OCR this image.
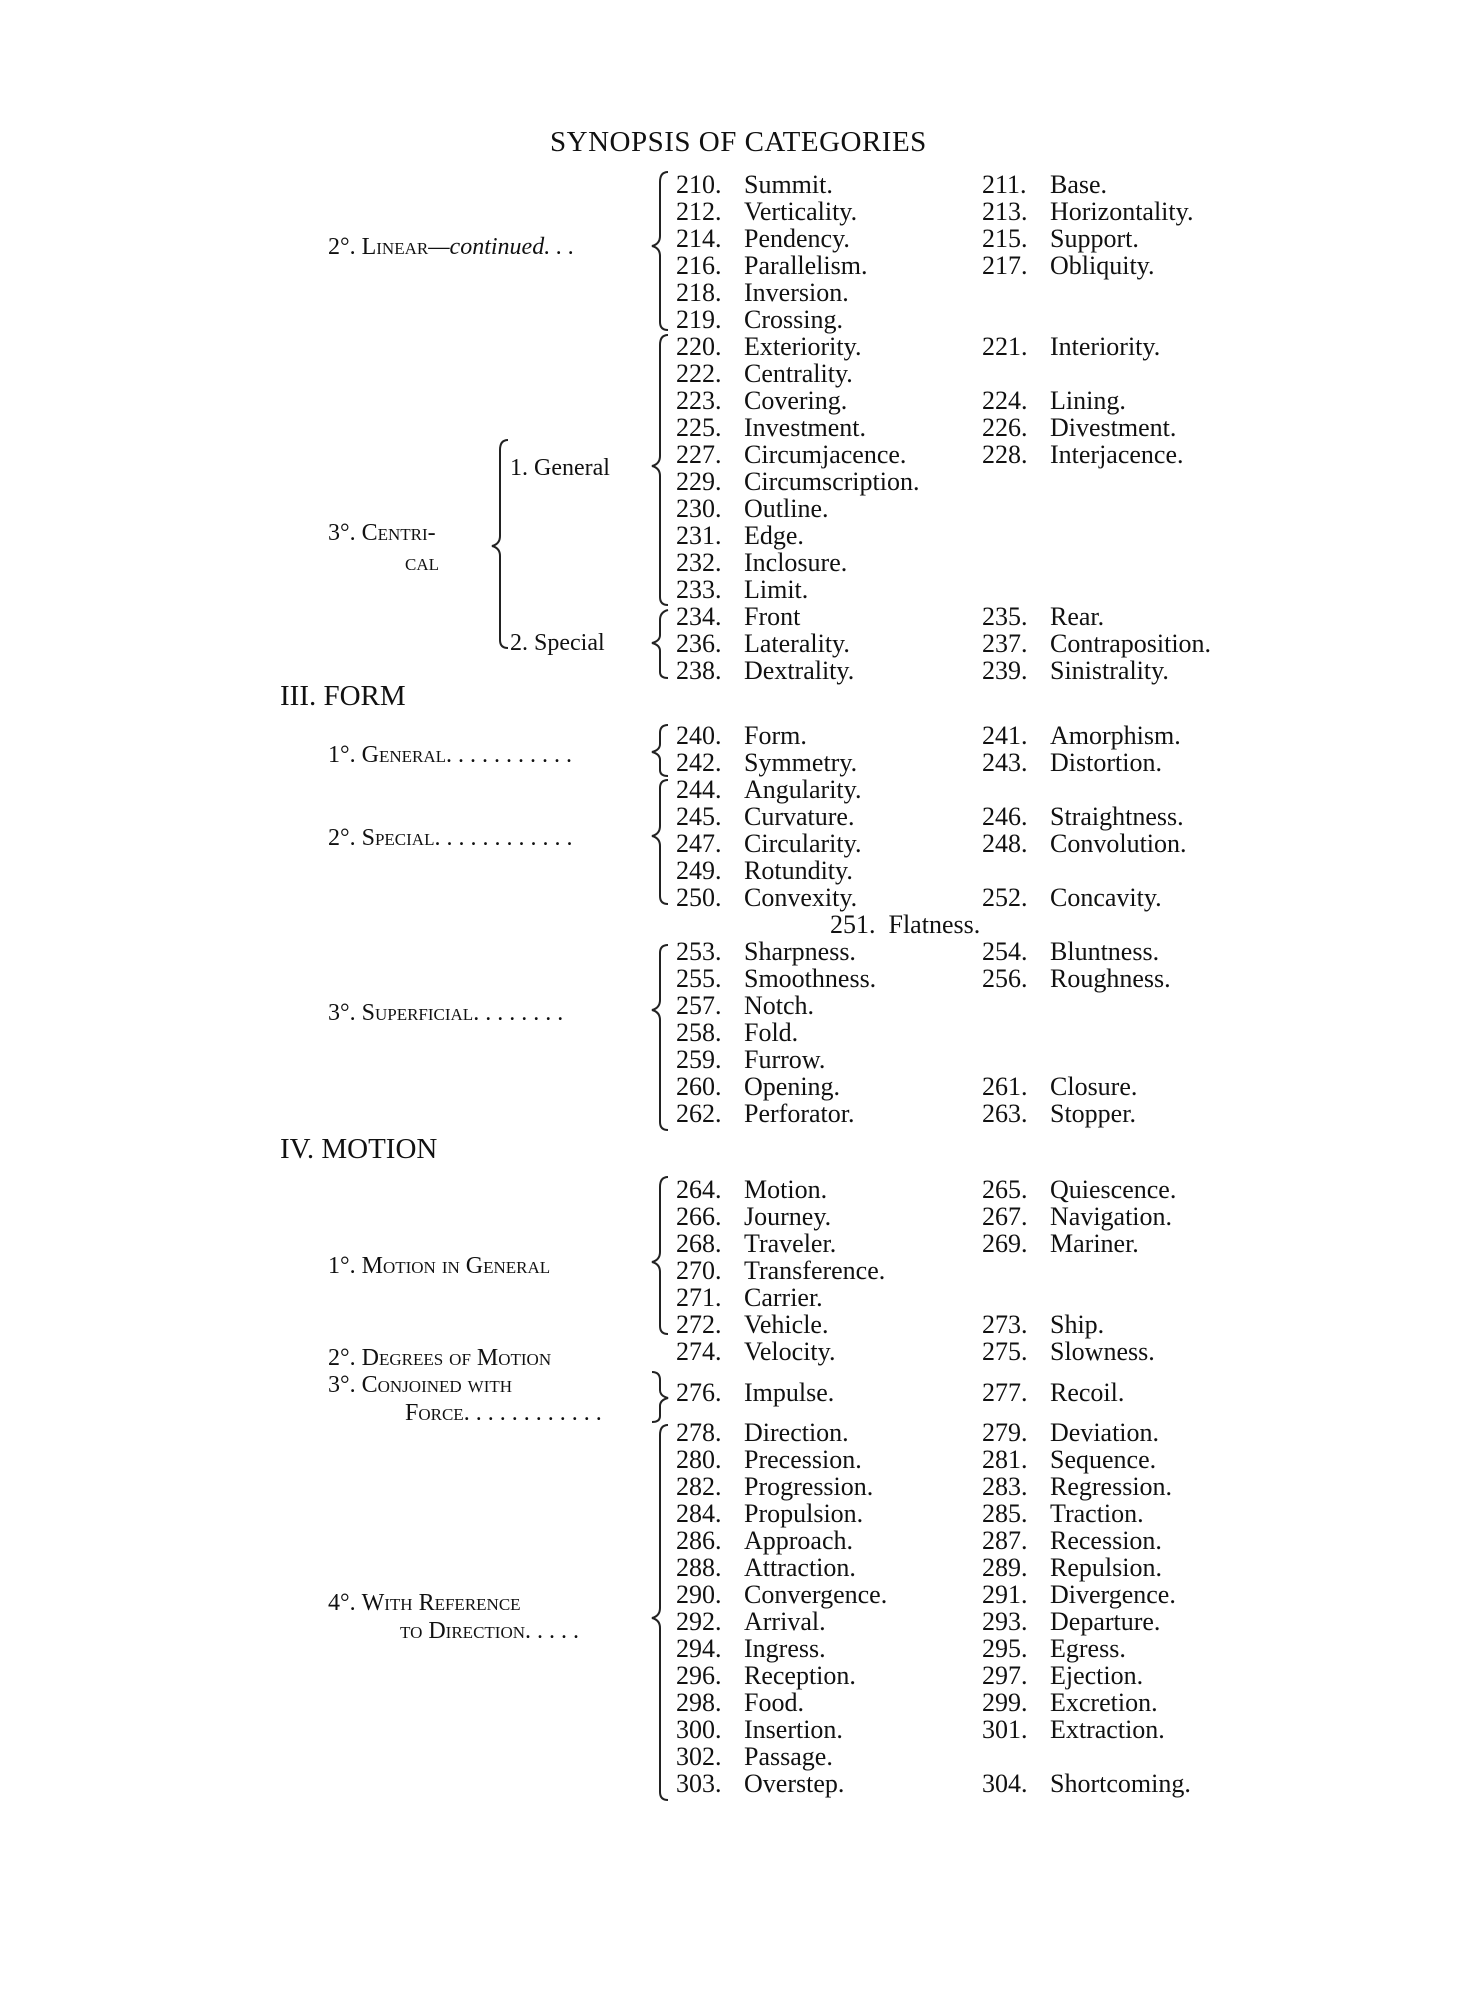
SYNOPSIS OF CATEGORIES
III. FORM
IV. MOTION
2°. Linear—continued. . .
3°. Centri-
cal
1. General
2. Special
1°. General. . . . . . . . . . .
2°. Special. . . . . . . . . . . .
3°. Superficial. . . . . . . .
1°. Motion in General
2°. Degrees of Motion
3°. Conjoined with
Force. . . . . . . . . . . .
4°. With Reference
to Direction. . . . .
251. Flatness.
210. Summit.	211. Base.
212. Verticality.	213. Horizontality.
214. Pendency.	215. Support.
216. Parallelism.	217. Obliquity.
218. Inversion.
219. Crossing.
220. Exteriority.	221. Interiority.
222. Centrality.
223. Covering.	224. Lining.
225. Investment.	226. Divestment.
227. Circumjacence.	228. Interjacence.
229. Circumscription.
230. Outline.
231. Edge.
232. Inclosure.
233. Limit.
234. Front	235. Rear.
236. Laterality.	237. Contraposition.
238. Dextrality.	239. Sinistrality.
240. Form.	241. Amorphism.
242. Symmetry.	243. Distortion.
244. Angularity.
245. Curvature.	246. Straightness.
247. Circularity.	248. Convolution.
249. Rotundity.
250. Convexity.	252. Concavity.
253. Sharpness.	254. Bluntness.
255. Smoothness.	256. Roughness.
257. Notch.
258. Fold.
259. Furrow.
260. Opening.	261. Closure.
262. Perforator.	263. Stopper.
264. Motion.	265. Quiescence.
266. Journey.	267. Navigation.
268. Traveler.	269. Mariner.
270. Transference.
271. Carrier.
272. Vehicle.	273. Ship.
274. Velocity.	275. Slowness.
276. Impulse.	277. Recoil.
278. Direction.	279. Deviation.
280. Precession.	281. Sequence.
282. Progression.	283. Regression.
284. Propulsion.	285. Traction.
286. Approach.	287. Recession.
288. Attraction.	289. Repulsion.
290. Convergence.	291. Divergence.
292. Arrival.	293. Departure.
294. Ingress.	295. Egress.
296. Reception.	297. Ejection.
298. Food.	299. Excretion.
300. Insertion.	301. Extraction.
302. Passage.
303. Overstep.	304. Shortcoming.
